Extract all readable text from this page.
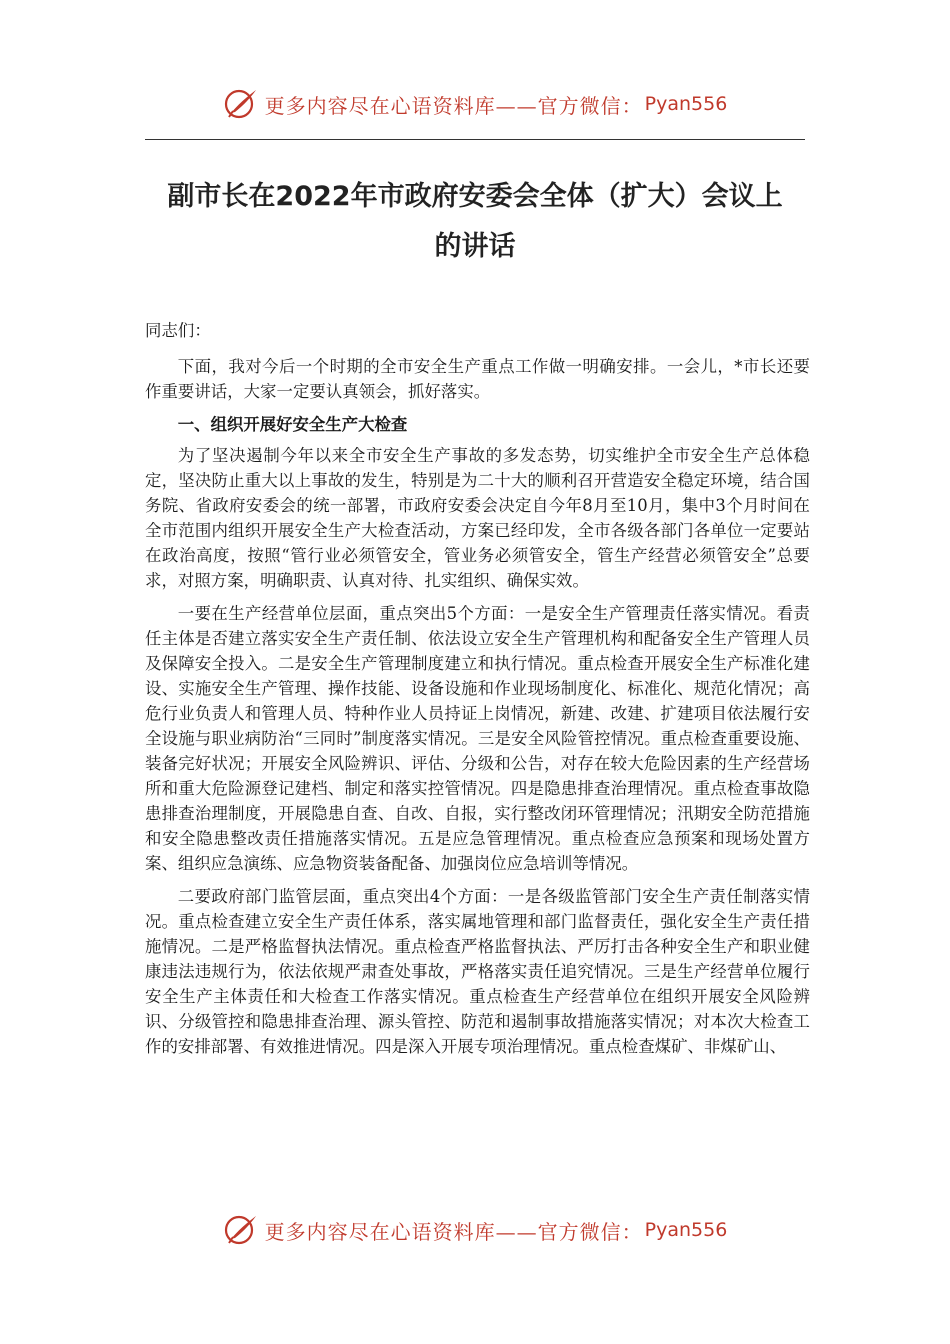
更多内容尽在心语资料库——官方微信： Pyan556
副市长在2022年市政府安委会全体（扩大）会议上
的讲话

同志们：

下面，我对今后一个时期的全市安全生产重点工作做一明确安排。一会儿，*市长还要作重要讲话，大家一定要认真领会，抓好落实。

一、组织开展好安全生产大检查

为了坚决遏制今年以来全市安全生产事故的多发态势，切实维护全市安全生产总体稳定，坚决防止重大以上事故的发生，特别是为二十大的顺利召开营造安全稳定环境，结合国务院、省政府安委会的统一部署，市政府安委会决定自今年8月至10月，集中3个月时间在全市范围内组织开展安全生产大检查活动，方案已经印发，全市各级各部门各单位一定要站在政治高度，按照“管行业必须管安全，管业务必须管安全，管生产经营必须管安全”总要求，对照方案，明确职责、认真对待、扎实组织、确保实效。

一要在生产经营单位层面，重点突出5个方面：一是安全生产管理责任落实情况。看责任主体是否建立落实安全生产责任制、依法设立安全生产管理机构和配备安全生产管理人员及保障安全投入。二是安全生产管理制度建立和执行情况。重点检查开展安全生产标准化建设、实施安全生产管理、操作技能、设备设施和作业现场制度化、标准化、规范化情况；高危行业负责人和管理人员、特种作业人员持证上岗情况，新建、改建、扩建项目依法履行安全设施与职业病防治“三同时”制度落实情况。三是安全风险管控情况。重点检查重要设施、装备完好状况；开展安全风险辨识、评估、分级和公告，对存在较大危险因素的生产经营场所和重大危险源登记建档、制定和落实控管情况。四是隐患排查治理情况。重点检查事故隐患排查治理制度，开展隐患自查、自改、自报，实行整改闭环管理情况；汛期安全防范措施和安全隐患整改责任措施落实情况。五是应急管理情况。重点检查应急预案和现场处置方案、组织应急演练、应急物资装备配备、加强岗位应急培训等情况。

二要政府部门监管层面，重点突出4个方面：一是各级监管部门安全生产责任制落实情况。重点检查建立安全生产责任体系，落实属地管理和部门监督责任，强化安全生产责任措施情况。二是严格监督执法情况。重点检查严格监督执法、严厉打击各种安全生产和职业健康违法违规行为，依法依规严肃查处事故，严格落实责任追究情况。三是生产经营单位履行安全生产主体责任和大检查工作落实情况。重点检查生产经营单位在组织开展安全风险辨识、分级管控和隐患排查治理、源头管控、防范和遏制事故措施落实情况；对本次大检查工作的安排部署、有效推进情况。四是深入开展专项治理情况。重点检查煤矿、非煤矿山、

更多内容尽在心语资料库——官方微信： Pyan556
